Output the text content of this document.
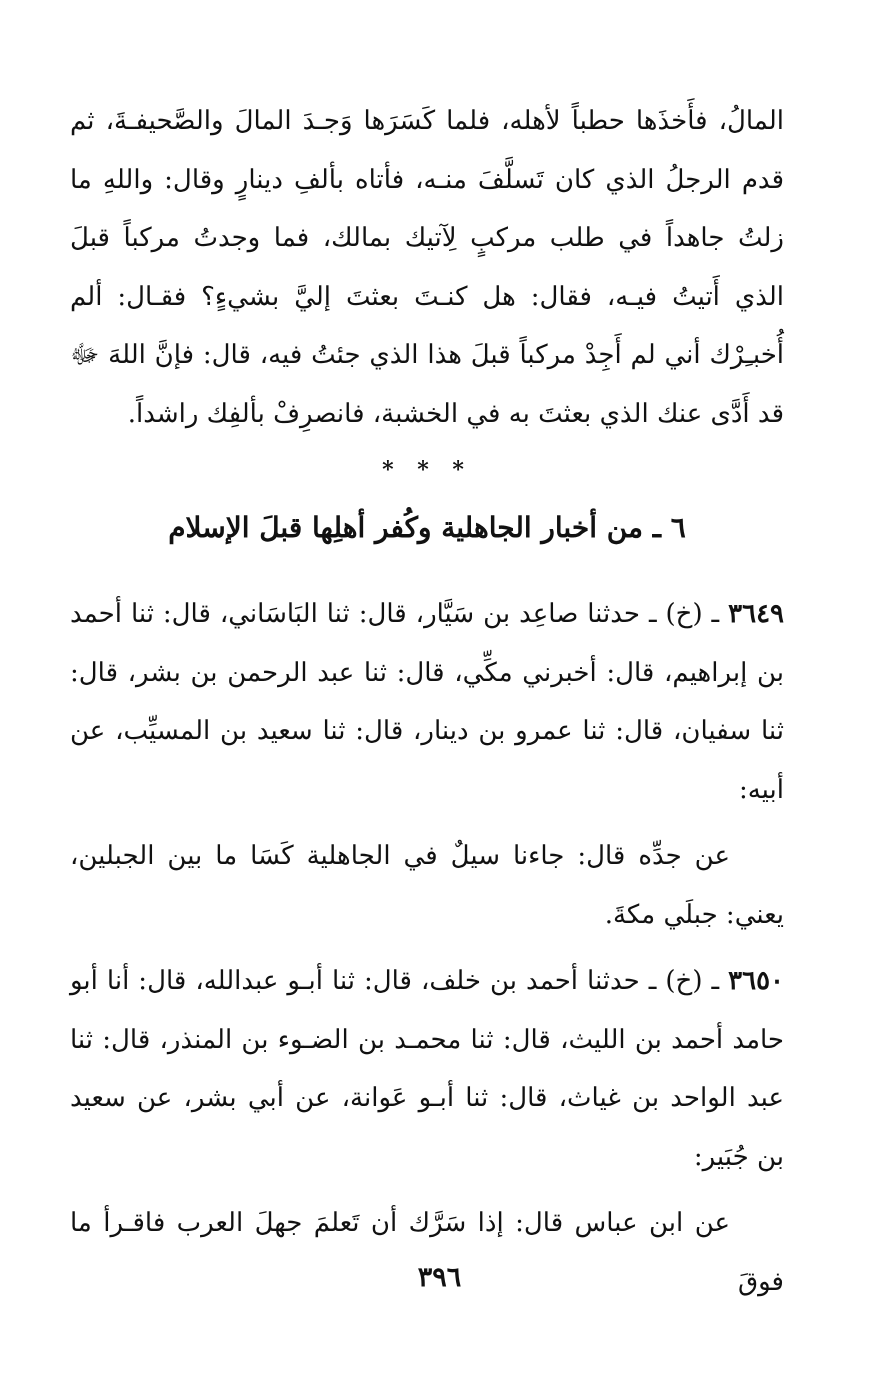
المالُ، فأَخذَها حطباً لأهله، فلما كَسَرَها وَجـدَ المالَ والصَّحيفـةَ، ثم قدم الرجلُ الذي كان تَسلَّفَ منـه، فأتاه بألفِ دينارٍ وقال: واللهِ ما زلتُ جاهداً في طلب مركبٍ لِآتيك بمالك، فما وجدتُ مركباً قبلَ الذي أَتيتُ فيـه، فقال: هل كنـتَ بعثتَ إليَّ بشيءٍ؟ فقـال: ألم أُخبـِرْك أني لم أَجِدْ مركباً قبلَ هذا الذي جئتُ فيه، قال: فإنَّ اللهَ ﷻ قد أَدَّى عنك الذي بعثتَ به في الخشبة، فانصرِفْ بألفِك راشداً.

* * *
٦ ـ من أخبار الجاهلية وكُفر أهلِها قبلَ الإسلام

٣٦٤٩ ـ (خ) ـ حدثنا صاعِد بن سَيَّار، قال: ثنا البَاسَاني، قال: ثنا أحمد بن إبراهيم، قال: أخبرني مكِّي، قال: ثنا عبد الرحمن بن بشر، قال: ثنا سفيان، قال: ثنا عمرو بن دينار، قال: ثنا سعيد بن المسيِّب، عن أبيه:

عن جدِّه قال: جاءنا سيلٌ في الجاهلية كَسَا ما بين الجبلين، يعني: جبلَي مكةَ.

٣٦٥٠ ـ (خ) ـ حدثنا أحمد بن خلف، قال: ثنا أبـو عبدالله، قال: أنا أبو حامد أحمد بن الليث، قال: ثنا محمـد بن الضـوء بن المنذر، قال: ثنا عبد الواحد بن غياث، قال: ثنا أبـو عَوانة، عن أبي بشر، عن سعيد بن جُبَير:

عن ابن عباس قال: إذا سَرَّك أن تَعلمَ جهلَ العرب فاقـرأ ما فوقَ

٣٩٦
